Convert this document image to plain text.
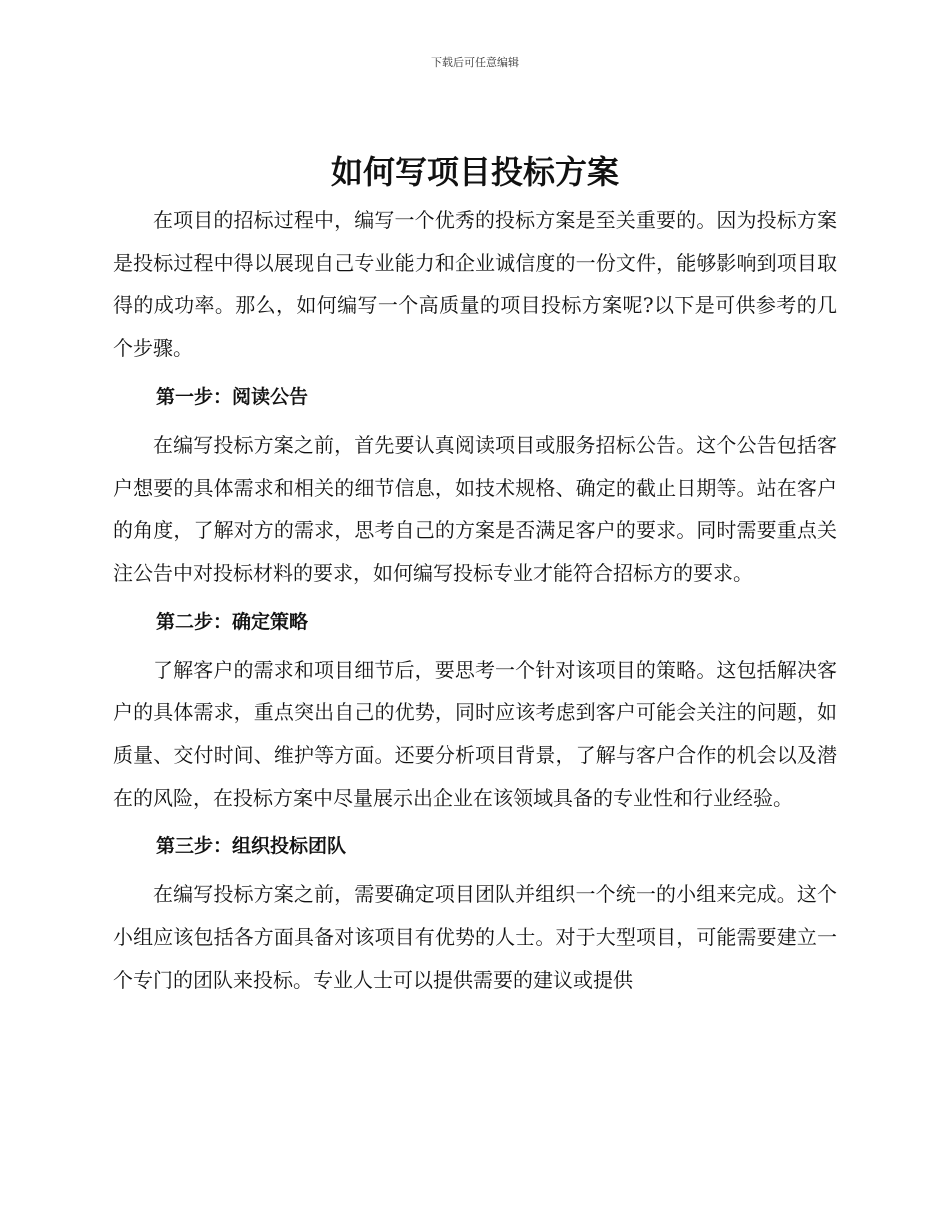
下载后可任意编辑
如何写项目投标方案

在项目的招标过程中，编写一个优秀的投标方案是至关重要的。因为投标方案是投标过程中得以展现自己专业能力和企业诚信度的一份文件，能够影响到项目取得的成功率。那么，如何编写一个高质量的项目投标方案呢?以下是可供参考的几个步骤。

第一步：阅读公告

在编写投标方案之前，首先要认真阅读项目或服务招标公告。这个公告包括客户想要的具体需求和相关的细节信息，如技术规格、确定的截止日期等。站在客户的角度，了解对方的需求，思考自己的方案是否满足客户的要求。同时需要重点关注公告中对投标材料的要求，如何编写投标专业才能符合招标方的要求。

第二步：确定策略

了解客户的需求和项目细节后，要思考一个针对该项目的策略。这包括解决客户的具体需求，重点突出自己的优势，同时应该考虑到客户可能会关注的问题，如质量、交付时间、维护等方面。还要分析项目背景，了解与客户合作的机会以及潜在的风险，在投标方案中尽量展示出企业在该领域具备的专业性和行业经验。

第三步：组织投标团队

在编写投标方案之前，需要确定项目团队并组织一个统一的小组来完成。这个小组应该包括各方面具备对该项目有优势的人士。对于大型项目，可能需要建立一个专门的团队来投标。专业人士可以提供需要的建议或提供
